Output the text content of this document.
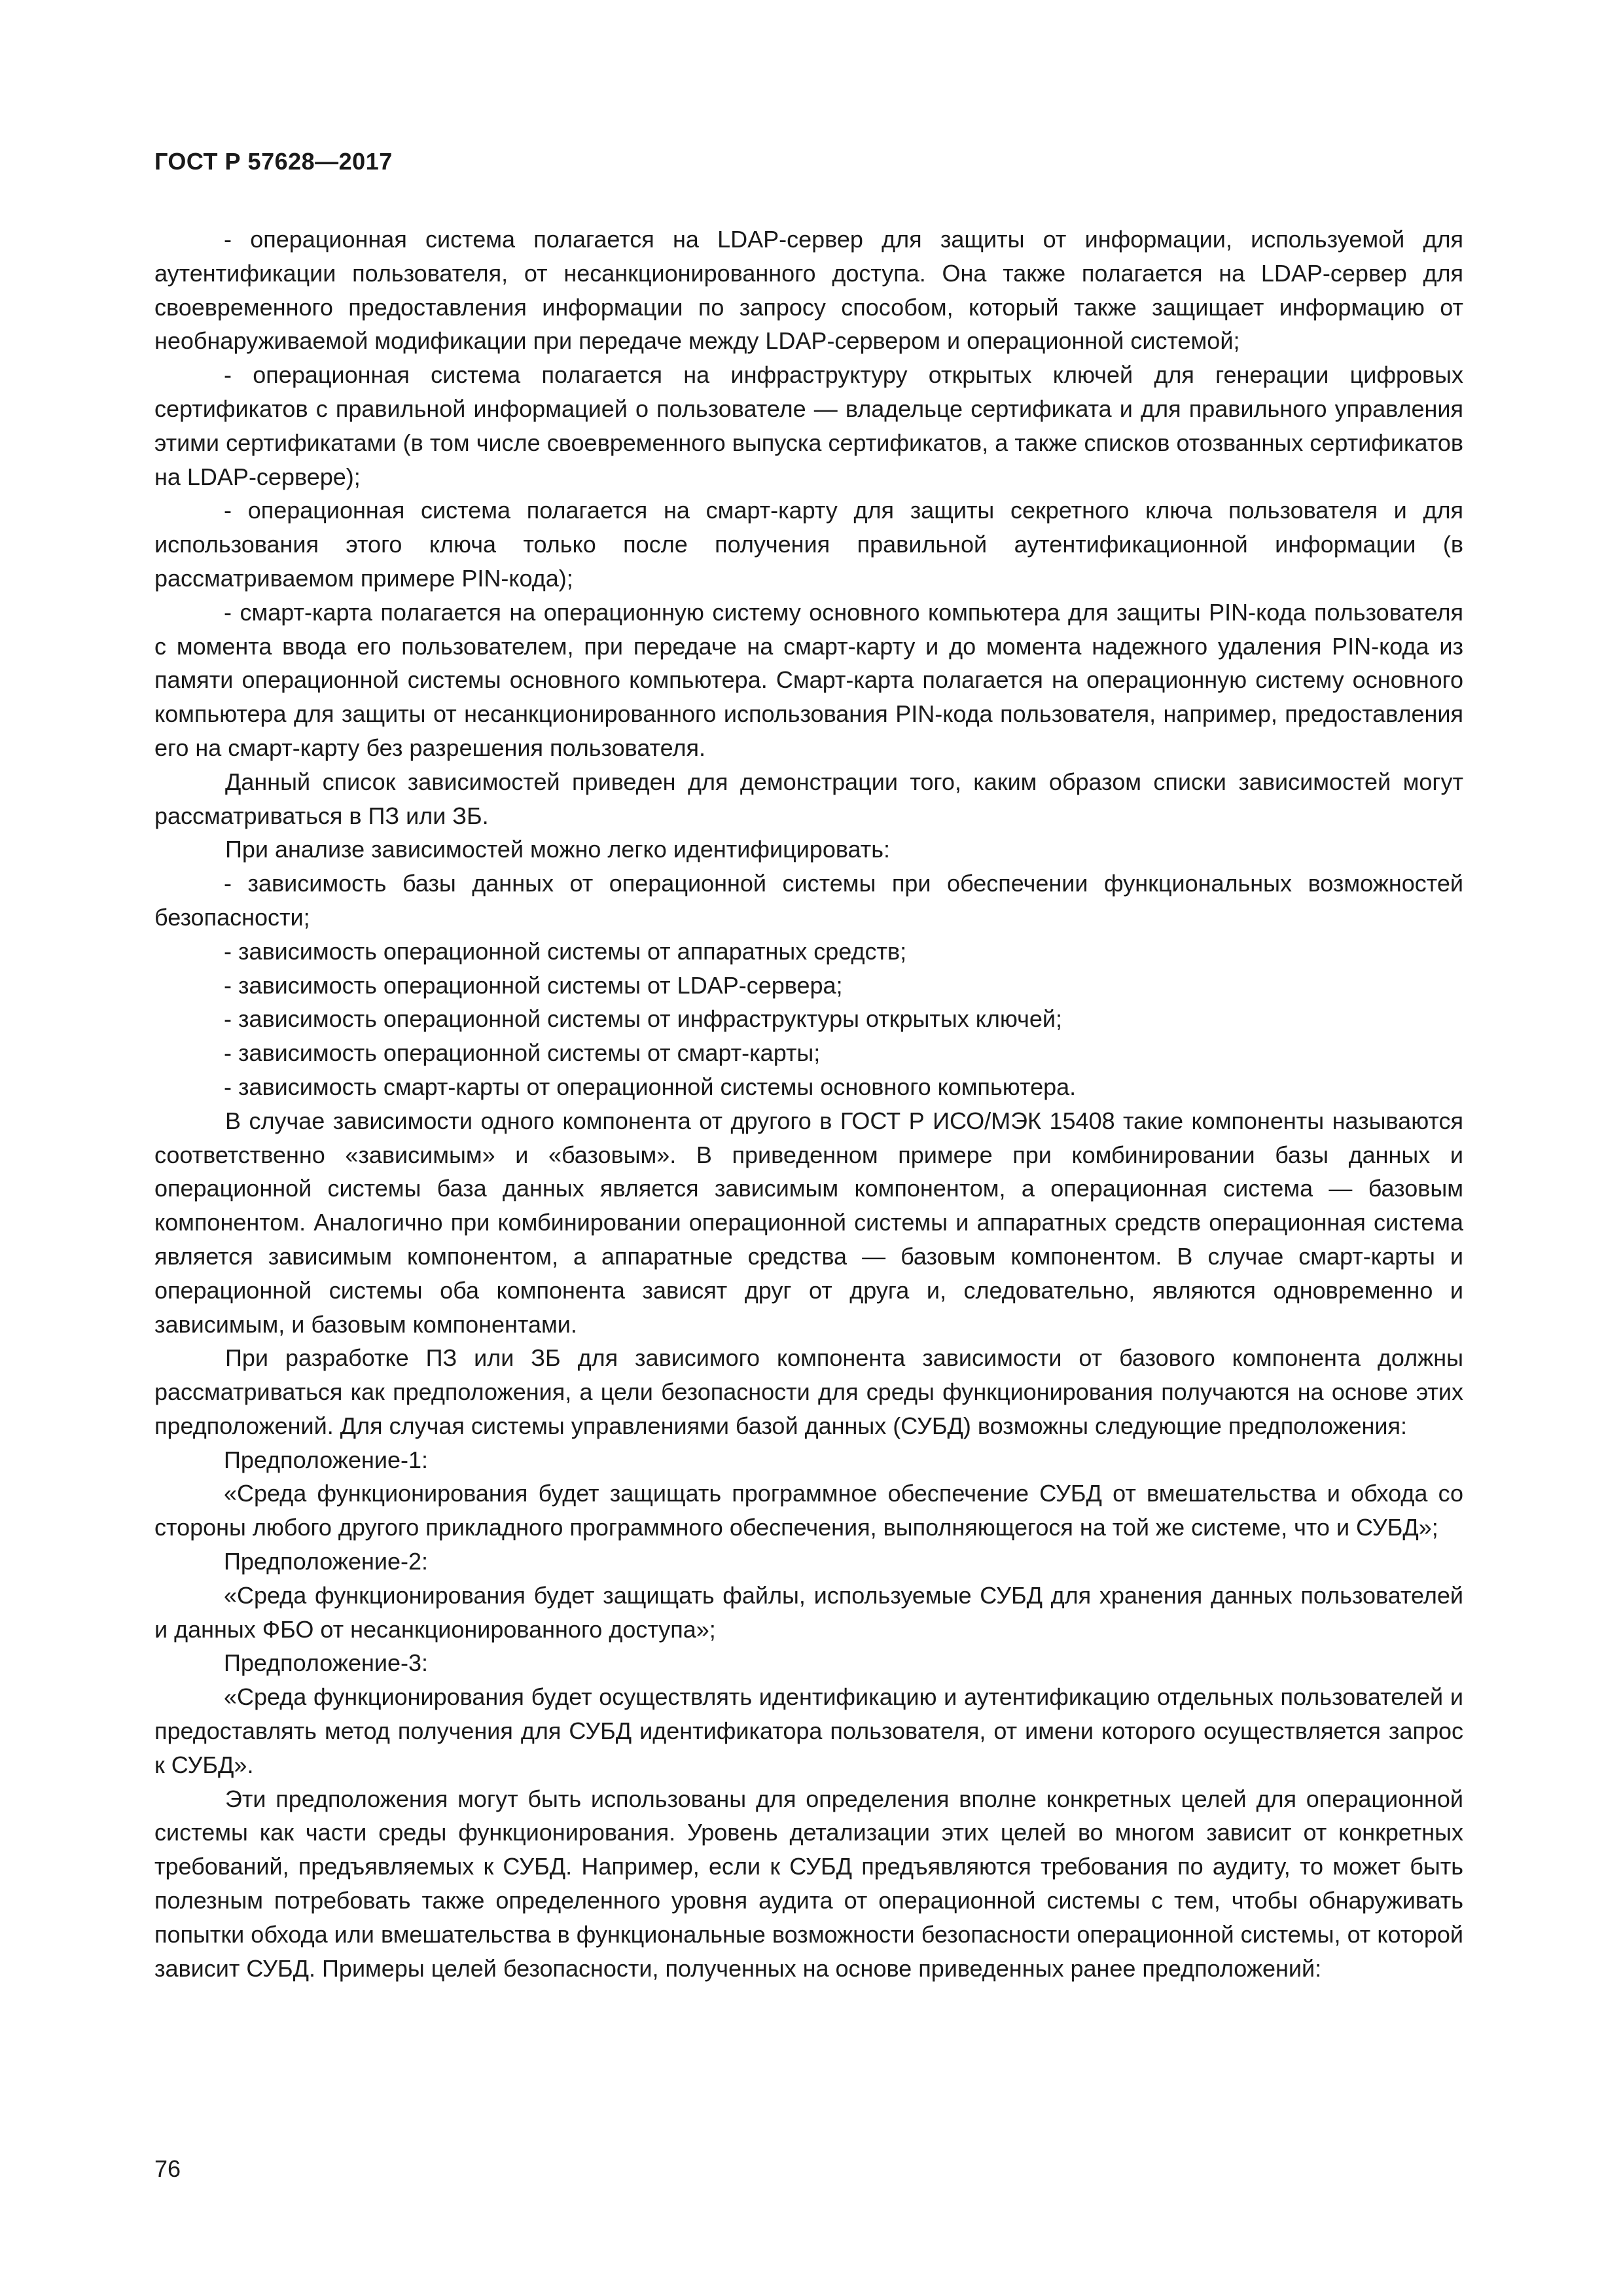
ГОСТ Р 57628—2017

- операционная система полагается на LDAP-сервер для защиты от информации, используемой для аутентификации пользователя, от несанкционированного доступа. Она также полагается на LDAP-сервер для своевременного предоставления информации по запросу способом, который также защищает информацию от необнаруживаемой модификации при передаче между LDAP-сервером и операционной системой;

- операционная система полагается на инфраструктуру открытых ключей для генерации цифровых сертификатов с правильной информацией о пользователе — владельце сертификата и для правильного управления этими сертификатами (в том числе своевременного выпуска сертификатов, а также списков отозванных сертификатов на LDAP-сервере);

- операционная система полагается на смарт-карту для защиты секретного ключа пользователя и для использования этого ключа только после получения правильной аутентификационной информации (в рассматриваемом примере PIN-кода);

- смарт-карта полагается на операционную систему основного компьютера для защиты PIN-кода пользователя с момента ввода его пользователем, при передаче на смарт-карту и до момента надежного удаления PIN-кода из памяти операционной системы основного компьютера. Смарт-карта полагается на операционную систему основного компьютера для защиты от несанкционированного использования PIN-кода пользователя, например, предоставления его на смарт-карту без разрешения пользователя.

Данный список зависимостей приведен для демонстрации того, каким образом списки зависимостей могут рассматриваться в ПЗ или ЗБ.

При анализе зависимостей можно легко идентифицировать:

- зависимость базы данных от операционной системы при обеспечении функциональных возможностей безопасности;

- зависимость операционной системы от аппаратных средств;

- зависимость операционной системы от LDAP-сервера;

- зависимость операционной системы от инфраструктуры открытых ключей;

- зависимость операционной системы от смарт-карты;

- зависимость смарт-карты от операционной системы основного компьютера.

В случае зависимости одного компонента от другого в ГОСТ Р ИСО/МЭК 15408 такие компоненты называются соответственно «зависимым» и «базовым». В приведенном примере при комбинировании базы данных и операционной системы база данных является зависимым компонентом, а операционная система — базовым компонентом. Аналогично при комбинировании операционной системы и аппаратных средств операционная система является зависимым компонентом, а аппаратные средства — базовым компонентом. В случае смарт-карты и операционной системы оба компонента зависят друг от друга и, следовательно, являются одновременно и зависимым, и базовым компонентами.

При разработке ПЗ или ЗБ для зависимого компонента зависимости от базового компонента должны рассматриваться как предположения, а цели безопасности для среды функционирования получаются на основе этих предположений. Для случая системы управлениями базой данных (СУБД) возможны следующие предположения:

Предположение-1:

«Среда функционирования будет защищать программное обеспечение СУБД от вмешательства и обхода со стороны любого другого прикладного программного обеспечения, выполняющегося на той же системе, что и СУБД»;

Предположение-2:

«Среда функционирования будет защищать файлы, используемые СУБД для хранения данных пользователей и данных ФБО от несанкционированного доступа»;

Предположение-3:

«Среда функционирования будет осуществлять идентификацию и аутентификацию отдельных пользователей и предоставлять метод получения для СУБД идентификатора пользователя, от имени которого осуществляется запрос к СУБД».

Эти предположения могут быть использованы для определения вполне конкретных целей для операционной системы как части среды функционирования. Уровень детализации этих целей во многом зависит от конкретных требований, предъявляемых к СУБД. Например, если к СУБД предъявляются требования по аудиту, то может быть полезным потребовать также определенного уровня аудита от операционной системы с тем, чтобы обнаруживать попытки обхода или вмешательства в функциональные возможности безопасности операционной системы, от которой зависит СУБД. Примеры целей безопасности, полученных на основе приведенных ранее предположений:

76
